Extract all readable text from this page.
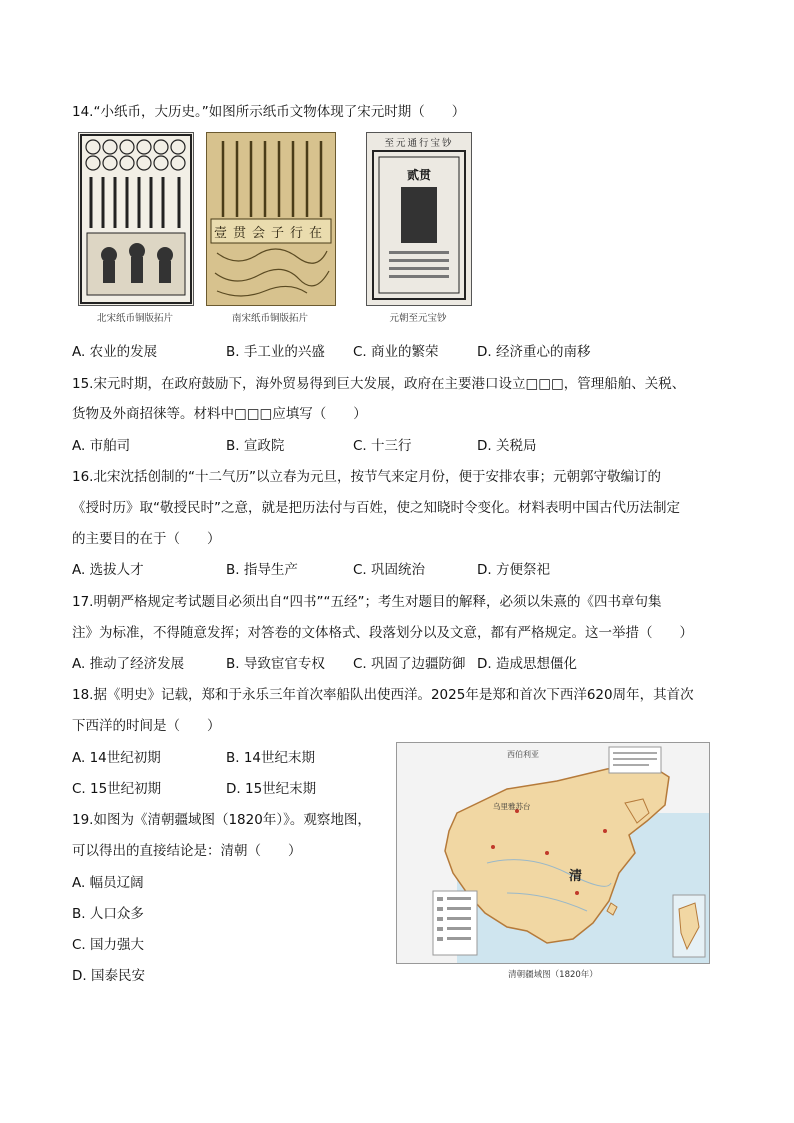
14.“小纸币，大历史。”如图所示纸币文物体现了宋元时期（　　）
北宋纸币铜版拓片
壹贯会子行在
南宋纸币铜版拓片
至元通行宝钞
贰贯
元朝至元宝钞
A. 农业的发展	B. 手工业的兴盛 C. 商业的繁荣	D. 经济重心的南移
15.宋元时期，在政府鼓励下，海外贸易得到巨大发展，政府在主要港口设立□□□，管理船舶、关税、
货物及外商招徕等。材料中□□□应填写（　　）
A. 市舶司	B. 宣政院	C. 十三行	D. 关税局
16.北宋沈括创制的“十二气历”以立春为元旦，按节气来定月份，便于安排农事；元朝郭守敬编订的
《授时历》取“敬授民时”之意，就是把历法付与百姓，使之知晓时令变化。材料表明中国古代历法制定
的主要目的在于（　　）
A. 选拔人才	B. 指导生产	C. 巩固统治	D. 方便祭祀
17.明朝严格规定考试题目必须出自“四书”“五经”；考生对题目的解释，必须以朱熹的《四书章句集
注》为标准，不得随意发挥；对答卷的文体格式、段落划分以及文意，都有严格规定。这一举措（　　）
A. 推动了经济发展	B. 导致宦官专权 C. 巩固了边疆防御 D. 造成思想僵化
18.据《明史》记载，郑和于永乐三年首次率船队出使西洋。2025年是郑和首次下西洋620周年，其首次
下西洋的时间是（　　）
A. 14世纪初期	B. 14世纪末期
C. 15世纪初期	D. 15世纪末期
19.如图为《清朝疆域图（1820年）》。观察地图，
可以得出的直接结论是：清朝（　　）
A. 幅员辽阔
B. 人口众多
C. 国力强大
D. 国泰民安
西伯利亚
乌里雅苏台
清
清朝疆域图（1820年）
